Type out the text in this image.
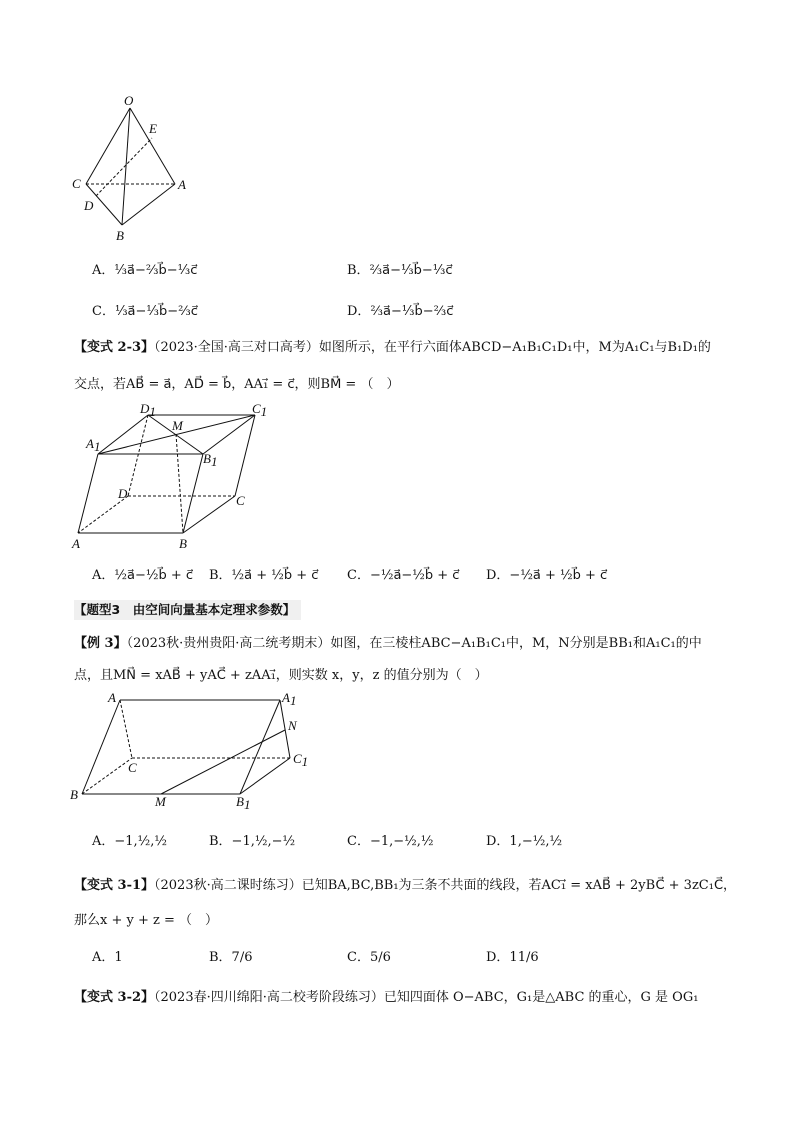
O
E
C	A
D
B
A．⅓a⃗−⅔b⃗−⅓c⃗	B．⅔a⃗−⅓b⃗−⅓c⃗
C．⅓a⃗−⅓b⃗−⅔c⃗	D．⅔a⃗−⅓b⃗−⅔c⃗
【变式 2-3】（2023·全国·高三对口高考）如图所示，在平行六面体ABCD−A₁B₁C₁D₁中，M为A₁C₁与B₁D₁的
交点，若AB⃗ = a⃗，AD⃗ = b⃗，AA₁⃗ = c⃗，则BM⃗ = （　）
D1	C1
A1
M
B1
D	C
A	B
A．½a⃗−½b⃗ + c⃗ B．½a⃗ + ½b⃗ + c⃗ C．−½a⃗−½b⃗ + c⃗ D．−½a⃗ + ½b⃗ + c⃗
【题型3　由空间向量基本定理求参数】
【例 3】（2023秋·贵州贵阳·高二统考期末）如图，在三棱柱ABC−A₁B₁C₁中，M，N分别是BB₁和A₁C₁的中
点，且MN⃗ = xAB⃗ + yAC⃗ + zAA₁⃗，则实数 x，y，z 的值分别为（　）
A	A1
N
C
C1
B	M	B1
A．−1,½,½	B．−1,½,−½	C．−1,−½,½	D．1,−½,½
【变式 3-1】（2023秋·高二课时练习）已知BA,BC,BB₁为三条不共面的线段，若AC₁⃗ = xAB⃗ + 2yBC⃗ + 3zC₁C⃗，
那么x + y + z = （　）
A．1	B．7/6	C．5/6	D．11/6
【变式 3-2】（2023春·四川绵阳·高二校考阶段练习）已知四面体 O−ABC，G₁是△ABC 的重心，G 是 OG₁
